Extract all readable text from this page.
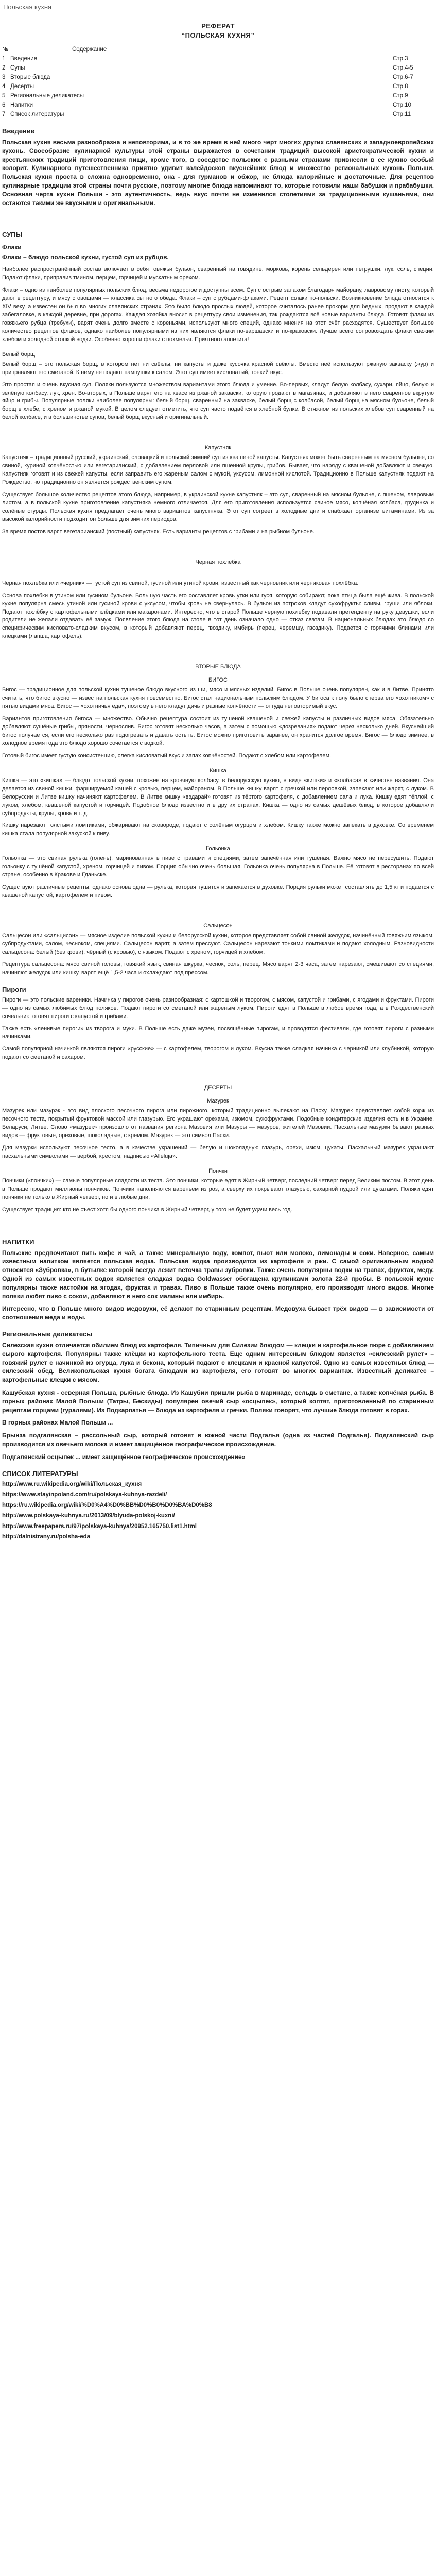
Польская кухня
РЕФЕРАТ
“ПОЛЬСКАЯ КУХНЯ”
№	Содержание
1 Введение	Стр.3
2 Супы	Стр.4-5
3 Вторые блюда	Стр.6-7
4 Десерты	Стр.8
5 Региональные деликатесы	Стр.9
6 Напитки	Стр.10
7 Список литературы	Стр.11
Введение

Польская кухня весьма разнообразна и неповторима, и в то же время в ней много черт многих других славянских и западноевропейских кухонь. Своеобразие кулинарной культуры этой страны выражается в сочетании традиций высокой аристократической кухни и крестьянских традиций приготовления пищи, кроме того, в соседстве польских с разными странами привнесли в ее кухню особый колорит. Кулинарного путешественника приятно удивит калейдоскоп вкуснейших блюд и множество региональных кухонь Польши. Польская кухня проста в сложна одновременно, она - для гурманов и обжор, не блюда калорийные и достаточные. Для рецептов кулинарные традиции этой страны почти русские, поэтому многие блюда напоминают то, которые готовили наши бабушки и прабабушки. Основная черта кухни Польши - это аутентичность, ведь вкус почти не изменился столетиями за традиционными кушаньями, они остаются такими же вкусными и оригинальными.

СУПЫ
Флаки

Флаки – блюдо польской кухни, густой суп из рубцов.

Наиболее распространённый состав включает в себя говяжьи бульон, сваренный на говядине, морковь, корень сельдерея или петрушки, лук, соль, специи. Подают флаки, приправив тмином, перцем, горчицей и мускатным орехом.

Флаки – одно из наиболее популярных польских блюд, весьма недорогое и доступны всем. Суп с острым запахом благодаря майорану, лавровому листу, который дают в рецептуру, и мясу с овощами — классика сытного обеда. Флаки – суп с рубцами-флаками. Рецепт флаки по-польски. Возникновение блюда относится к XIV веку, а известен он был во многих славянских странах. Это было блюдо простых людей, которое считалось ранее прокорм для бедных, продают в каждой забегаловке, в каждой деревне, при дорогах. Каждая хозяйка вносит в рецептуру свои изменения, так рождаются всё новые варианты блюда. Готовят флаки из говяжьего рубца (требухи), варят очень долго вместе с кореньями, используют много специй, однако мнения на этот счёт расходятся. Существует большое количество рецептов флаков, однако наиболее популярными из них являются флаки по-варшавски и по-краковски. Лучше всего сопровождать флаки свежим хлебом и холодной стопкой водки. Особенно хороши флаки с похмелья. Приятного аппетита!

Белый борщ

Белый борщ – это польская борщ, в котором нет ни свёклы, ни капусты и даже кусочка красной свёклы. Вместо неё используют ржаную закваску (жур) и приправляют его сметаной. К нему не подают пампушки к салом. Этот суп имеет кисловатый, тонкий вкус.

Это простая и очень вкусная суп. Поляки пользуются множеством вариантами этого блюда и умение. Во-первых, кладут белую колбасу, сухари, яйцо, белую и зелёную колбасу, лук, хрен. Во-вторых, в Польше варят его на квасе из ржаной закваски, которую продают в магазинах, и добавляют в него сваренное вкрутую яйцо и грибы. Популярные поляки наиболее популярны: белый борщ, сваренный на закваске, белый борщ с колбасой, белый борщ на мясном бульоне, белый борщ в хлебе, с хреном и ржаной мукой. В целом следует отметить, что суп часто подаётся в хлебной булке. В стяжном из польских хлебов суп сваренный на белой колбасе, и в большинстве супов, белый борщ вкусный и оригинальный.

Капустняк

Капустняк – традиционный русский, украинский, словацкий и польский зимний суп из квашеной капусты. Капустняк может быть сваренным на мясном бульоне, со свиной, куриной копчёностью или вегетарианский, с добавлением перловой или пшённой крупы, грибов. Бывает, что наряду с квашеной добавляют и свежую. Капустняк готовят и из свежей капусты, если заправить его жареным салом с мукой, уксусом, лимонной кислотой. Традиционно в Польше капустняк подают на Рождество, но традиционно он является рождественским супом.

Существует большое количество рецептов этого блюда, например, в украинской кухне капустняк – это суп, сваренный на мясном бульоне, с пшеном, лавровым листом, а в польской кухне приготовление капустняка немного отличается. Для его приготовления используется свиное мясо, копчёная колбаса, грудинка и солёные огурцы. Польская кухня предлагает очень много вариантов капустняка. Этот суп согреет в холодные дни и снабжает организм витаминами. Из за высокой калорийности подходит он больше для зимних периодов.

За время постов варят вегетарианский (постный) капустняк. Есть варианты рецептов с грибами и на рыбном бульоне.

Черная похлебка

Черная похлебка или «черник» — густой суп из свиной, гусиной или утиной крови, известный как черновник или черниковая похлёбка.

Основа похлебки в утином или гусином бульоне. Большую часть его составляет кровь утки или гуся, которую собирают, пока птица была ещё жива. В польской кухне популярна смесь утиной или гусиной крови с уксусом, чтобы кровь не свернулась. В бульон из потрохов кладут сухофрукты: сливы, груши или яблоки. Подают похлёбку с картофельными клёцками или макаронами. Интересно, что в старой Польше черную похлебку подавали претенденту на руку девушки, если родители не желали отдавать её замуж. Появление этого блюда на столе в тот день означало одно — отказ сватам. В национальных блюдах это блюдо со специфическим кисловато-сладким вкусом, в который добавляют перец, гвоздику, имбирь (перец, черемшу, гвоздику). Подается с горячими блинами или клёцками (лапша, картофель).

ВТОРЫЕ БЛЮДА
БИГОС

Бигос — традиционное для польской кухни тушеное блюдо вкусного из щи, мясо и мясных изделий. Бигос в Польше очень популярен, как и в Литве. Принято считать, что бигос вкусно — известна польская кухня повсеместно. Бигос стал национальным польским блюдом. У бигоса к полу было сперва его «охотником» с пятью видами мяса. Бигос — «охотничья еда», поэтому в него кладут дичь и разные копчёности — оттуда неповторимый вкус.

Вариантов приготовления бигоса — множество. Обычно рецептура состоит из тушеной квашеной и свежей капусты и различных видов мяса. Обязательно добавляют сушёные грибы, пряности, чернослив. Бигос готовят несколько часов, а затем с помощью «дозревания» подают через несколько дней. Вкуснейший бигос получается, если его несколько раз подогревать и давать остыть. Бигос можно приготовить заранее, он хранится долгое время. Бигос — блюдо зимнее, в холодное время года это блюдо хорошо сочетается с водкой.

Готовый бигос имеет густую консистенцию, слегка кисловатый вкус и запах копчёностей. Подают с хлебом или картофелем.

Кишка

Кишка — это «кишка» — блюдо польской кухни, похожее на кровяную колбасу, в белорусскую кухню, в виде «кишки» и «колбаса» в качестве названия. Она делается из свиной кишки, фаршируемой кашей с кровью, перцем, майораном. В Польше кишку варят с гречкой или перловкой, запекают или жарят, с луком. В Белоруссии и Литве кишку начиняют картофелем. В Литве кишку «вэдарай» готовят из тёртого картофеля, с добавлением сала и лука. Кишку едят тёплой, с луком, хлебом, квашеной капустой и горчицей. Подобное блюдо известно и в других странах. Кишка — одно из самых дешёвых блюд, в которое добавляли субпродукты, крупы, кровь и т. д.

Кишку нарезают толстыми ломтиками, обжаривают на сковороде, подают с солёным огурцом и хлебом. Кишку также можно запекать в духовке. Со временем кишка стала популярной закуской к пиву.

Гольонка

Гольонка — это свиная рулька (голень), маринованная в пиве с травами и специями, затем запечённая или тушёная. Важно мясо не пересушить. Подают гольонку с тушёной капустой, хреном, горчицей и пивом. Порция обычно очень большая. Гольонка очень популярна в Польше. Её готовят в ресторанах по всей стране, особенно в Кракове и Гданьске.

Существуют различные рецепты, однако основа одна — рулька, которая тушится и запекается в духовке. Порция рульки может составлять до 1,5 кг и подается с квашеной капустой, картофелем и пивом.

Сальцесон

Сальцесон или «сальцисон» — мясное изделие польской кухни и белорусской кухни, которое представляет собой свиной желудок, начинённый говяжьим языком, субпродуктами, салом, чесноком, специями. Сальцесон варят, а затем прессуют. Сальцесон нарезают тонкими ломтиками и подают холодным. Разновидности сальцесона: белый (без крови), чёрный (с кровью), с языком. Подают с хреном, горчицей и хлебом.

Рецептура сальцесона: мясо свиной головы, говяжий язык, свиная шкурка, чеснок, соль, перец. Мясо варят 2-3 часа, затем нарезают, смешивают со специями, начиняют желудок или кишку, варят ещё 1,5-2 часа и охлаждают под прессом.

Пироги

Пироги — это польские вареники. Начинка у пирогов очень разнообразная: с картошкой и творогом, с мясом, капустой и грибами, с ягодами и фруктами. Пироги — одно из самых любимых блюд поляков. Подают пироги со сметаной или жареным луком. Пироги едят в Польше в любое время года, а в Рождественский сочельник готовят пироги с капустой и грибами.

Также есть «ленивые пироги» из творога и муки. В Польше есть даже музеи, посвящённые пирогам, и проводятся фестивали, где готовят пироги с разными начинками.

Самой популярной начинкой являются пироги «русские» — с картофелем, творогом и луком. Вкусна также сладкая начинка с черникой или клубникой, которую подают со сметаной и сахаром.

ДЕСЕРТЫ
Мазурек

Мазурек или мазурэк - это вид плоского песочного пирога или пирожного, который традиционно выпекают на Пасху. Мазурек представляет собой корж из песочного теста, покрытый фруктовой массой или глазурью. Его украшают орехами, изюмом, сухофруктами. Подобные кондитерские изделия есть и в Украине, Беларуси, Литве. Слово «мазурек» произошло от названия региона Мазовия или Мазуры — мазуров, жителей Мазовии. Пасхальные мазурки бывают разных видов — фруктовые, ореховые, шоколадные, с кремом. Мазурек — это символ Пасхи.

Для мазурки используют песочное тесто, а в качестве украшений — белую и шоколадную глазурь, орехи, изюм, цукаты. Пасхальный мазурек украшают пасхальными символами — вербой, крестом, надписью «Alleluja».

Пончки

Пончики («пончки») — самые популярные сладости из теста. Это пончики, которые едят в Жирный четверг, последний четверг перед Великим постом. В этот день в Польше продают миллионы пончиков. Пончики наполняются вареньем из роз, а сверху их покрывают глазурью, сахарной пудрой или цукатами. Поляки едят пончики не только в Жирный четверг, но и в любые дни.

Существует традиция: кто не съест хотя бы одного пончика в Жирный четверг, у того не будет удачи весь год.

НАПИТКИ

Польские предпочитают пить кофе и чай, а также минеральную воду, компот, пьют или молоко, лимонады и соки. Наверное, самым известным напитком является польская водка. Польская водка производится из картофеля и ржи. С самой оригинальным водкой относится «Зубровка», в бутылке которой всегда лежит веточка травы зубровки. Также очень популярны водки на травах, фруктах, меду. Одной из самых известных водок является сладкая водка Goldwasser обогащена крупинками золота 22-й пробы. В польской кухне популярны также настойки на ягодах, фруктах и травах. Пиво в Польше также очень популярно, его производят много видов. Многие поляки любят пиво с соком, добавляют в него сок малины или имбирь.

Интересно, что в Польше много видов медовухи, её делают по старинным рецептам. Медовуха бывает трёх видов — в зависимости от соотношения меда и воды.

Региональные деликатесы

Силезская кухня отличается обилием блюд из картофеля. Типичным для Силезии блюдом — клецки и картофельное пюре с добавлением сырого картофеля. Популярны также клёцки из картофельного теста. Еще одним интересным блюдом является «силезский рулет» – говяжий рулет с начинкой из огурца, лука и бекона, который подают с клецками и красной капустой. Одно из самых известных блюд — силезский обед. Великопольская кухня богата блюдами из картофеля, его готовят во многих вариантах. Известный деликатес – картофельные клецки с мясом.

Кашубская кухня - северная Польша, рыбные блюда. Из Кашубии пришли рыба в маринаде, сельдь в сметане, а также копчёная рыба. В горных районах Малой Польши (Татры, Бескиды) популярен овечий сыр «осцыпек», который коптят, приготовленный по старинным рецептам горцами (гуралями). Из Подкарпатья — блюда из картофеля и гречки. Поляки говорят, что лучшие блюда готовят в горах.

В горных районах Малой Польши ...

Брынза подгалянская – рассольный сыр, который готовят в южной части Подгалья (одна из частей Подгалья). Подгалянский сыр производится из овечьего молока и имеет защищённое географическое происхождение.

Подгалянский осцыпек ... имеет защищённое географическое происхождение»

СПИСОК ЛИТЕРАТУРЫ
http://www.ru.wikipedia.org/wiki/Польская_кухня
https://www.stayinpoland.com/ru/polskaya-kuhnya-razdeli/
https://ru.wikipedia.org/wiki/%D0%A4%D0%BB%D0%B0%D0%BA%D0%B8
http://www.polskaya-kuhnya.ru/2013/09/blyuda-polskoj-kuxni/
http://www.freepapers.ru/97/polskaya-kuhnya/20952.165750.list1.html
http://dalnistrany.ru/polsha-eda
